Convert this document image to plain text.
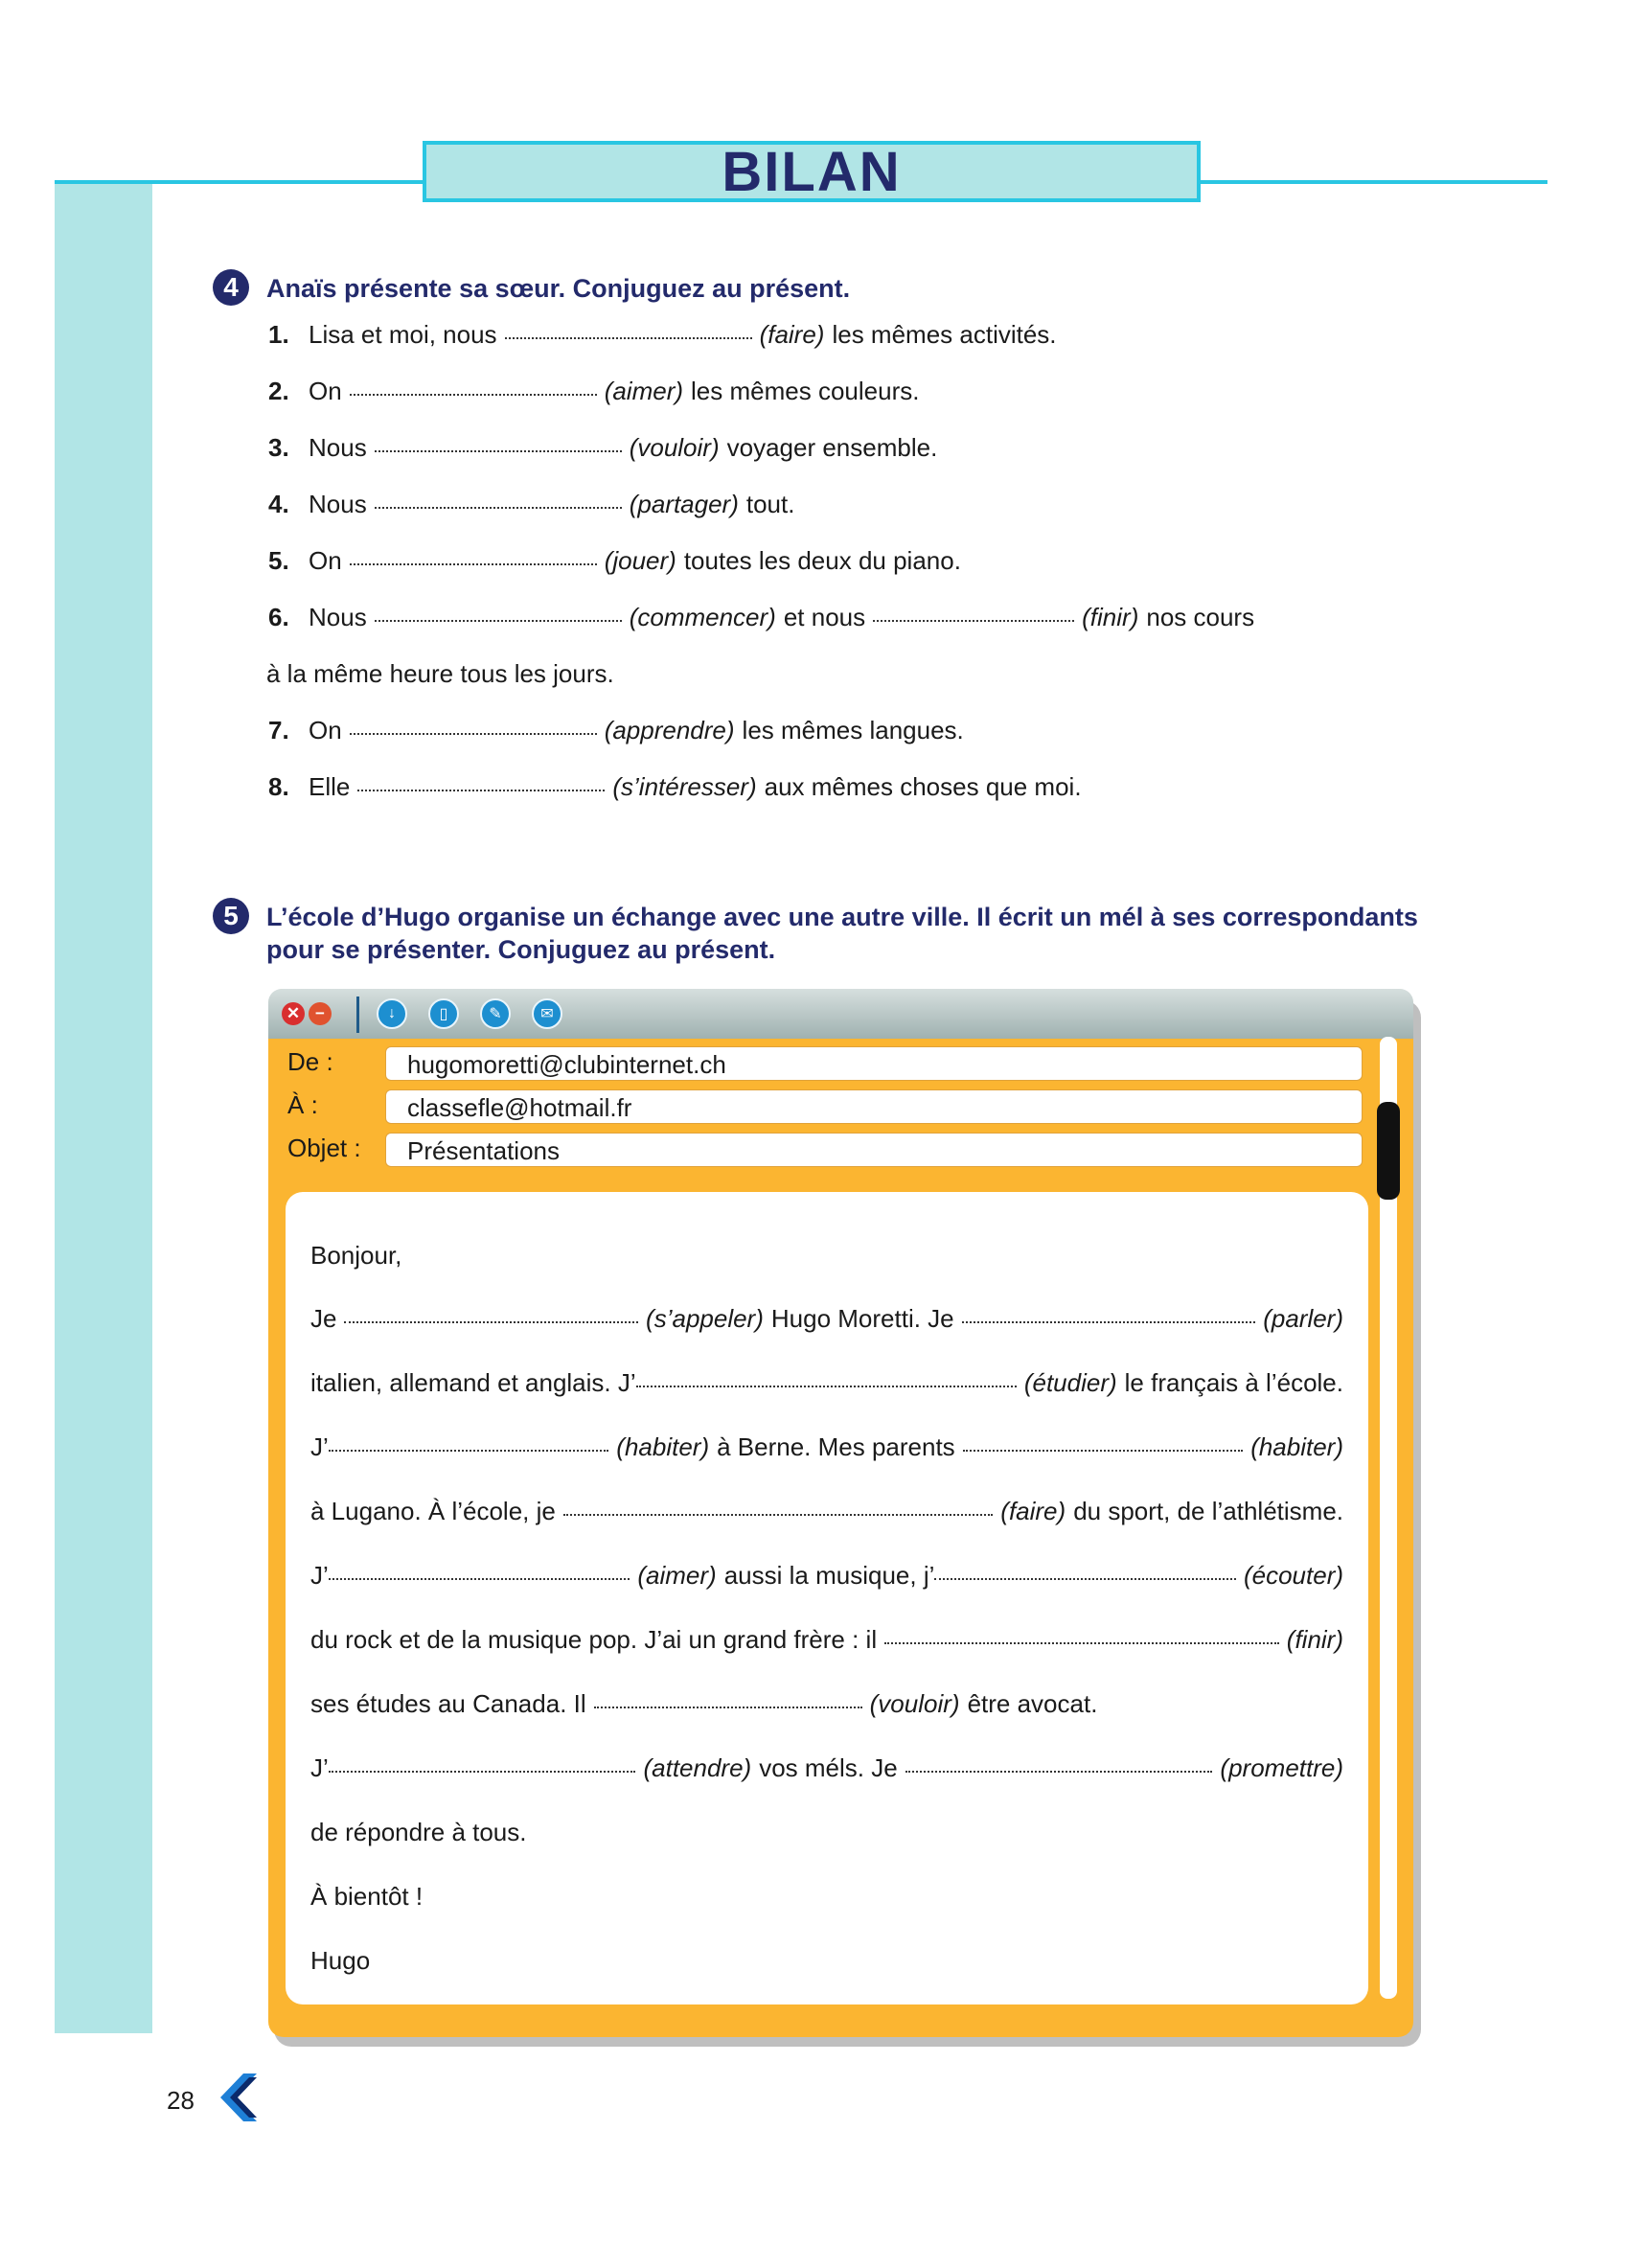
BILAN
4	Anaïs présente sa sœur. Conjuguez au présent.
1. Lisa et moi, nous	(faire) les mêmes activités.
2. On	(aimer) les mêmes couleurs.
3. Nous	(vouloir) voyager ensemble.
4. Nous	(partager) tout.
5. On	(jouer) toutes les deux du piano.
6. Nous	(commencer) et nous	(finir) nos cours
à la même heure tous les jours.
7. On	(apprendre) les mêmes langues.
8. Elle	(s’intéresser) aux mêmes choses que moi.
5	L’école d’Hugo organise un échange avec une autre ville. Il écrit un mél à ses correspondants
pour se présenter. Conjuguez au présent.
✕ −	↓	▯	✎	✉
De :	hugomoretti@clubinternet.ch
À :	classefle@hotmail.fr
Objet :	Présentations
Bonjour,
Je	(s’appeler) Hugo Moretti. Je	(parler)
italien, allemand et anglais. J’	(étudier) le français à l’école.
J’	(habiter) à Berne. Mes parents	(habiter)
à Lugano. À l’école, je	(faire) du sport, de l’athlétisme.
J’	(aimer) aussi la musique, j’	(écouter)
du rock et de la musique pop. J’ai un grand frère : il	(finir)
ses études au Canada. Il	(vouloir) être avocat.
J’	(attendre) vos méls. Je	(promettre)
de répondre à tous.
À bientôt !
Hugo
28
